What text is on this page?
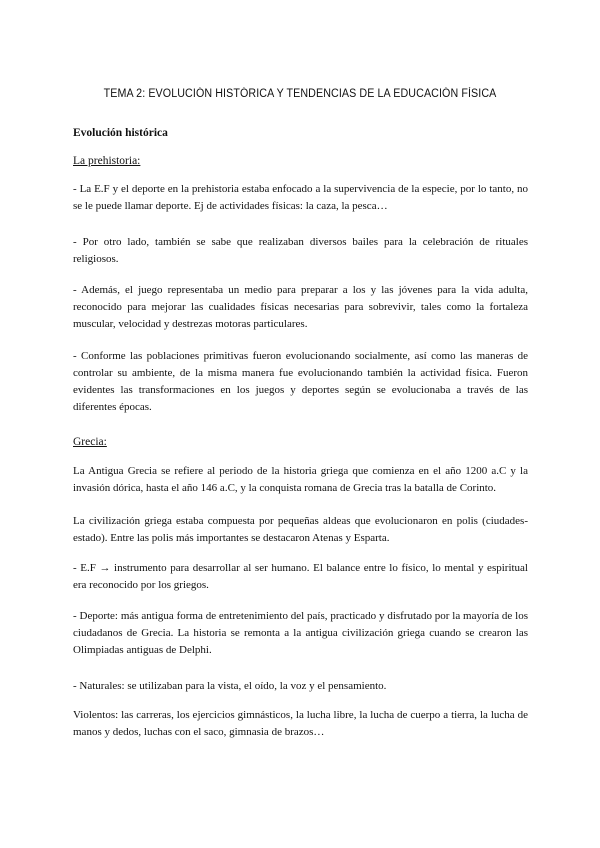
TEMA 2: EVOLUCIÓN HISTÓRICA Y TENDENCIAS DE LA EDUCACIÓN FÍSICA
Evolución histórica
La prehistoria:
- La E.F y el deporte en la prehistoria estaba enfocado a la supervivencia de la especie, por lo tanto, no se le puede llamar deporte. Ej de actividades físicas: la caza, la pesca…
- Por otro lado, también se sabe que realizaban diversos bailes para la celebración de rituales religiosos.
- Además, el juego representaba un medio para preparar a los y las jóvenes para la vida adulta, reconocido para mejorar las cualidades físicas necesarias para sobrevivir, tales como la fortaleza muscular, velocidad y destrezas motoras particulares.
- Conforme las poblaciones primitivas fueron evolucionando socialmente, así como las maneras de controlar su ambiente, de la misma manera fue evolucionando también la actividad física. Fueron evidentes las transformaciones en los juegos y deportes según se evolucionaba a través de las diferentes épocas.
Grecia:
La Antigua Grecia se refiere al periodo de la historia griega que comienza en el año 1200 a.C y la invasión dórica, hasta el año 146 a.C, y la conquista romana de Grecia tras la batalla de Corinto.
La civilización griega estaba compuesta por pequeñas aldeas que evolucionaron en polis (ciudades-estado). Entre las polis más importantes se destacaron Atenas y Esparta.
- E.F → instrumento para desarrollar al ser humano. El balance entre lo físico, lo mental y espiritual era reconocido por los griegos.
- Deporte: más antigua forma de entretenimiento del país, practicado y disfrutado por la mayoría de los ciudadanos de Grecia. La historia se remonta a la antigua civilización griega cuando se crearon las Olimpiadas antiguas de Delphi.
- Naturales: se utilizaban para la vista, el oído, la voz y el pensamiento.
Violentos: las carreras, los ejercicios gimnásticos, la lucha libre, la lucha de cuerpo a tierra, la lucha de manos y dedos, luchas con el saco, gimnasia de brazos…
